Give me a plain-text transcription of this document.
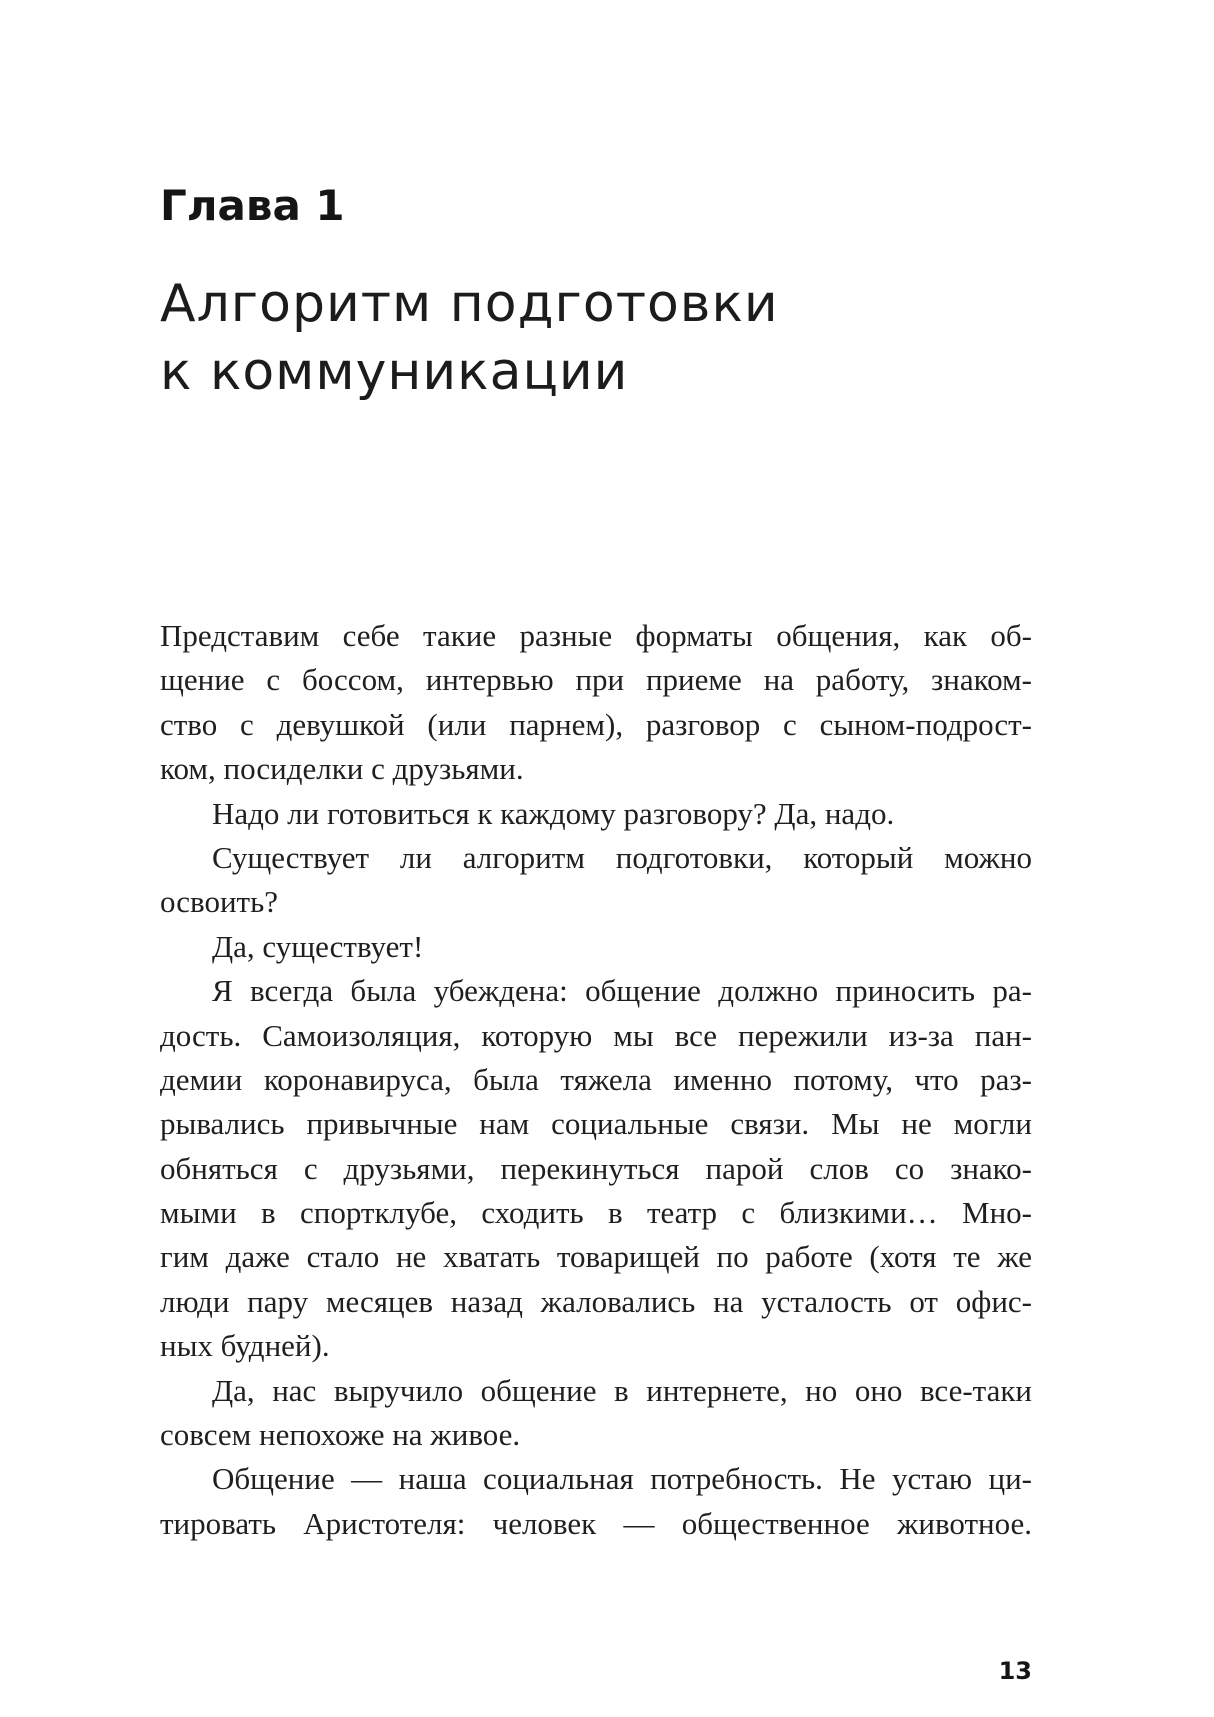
Глава 1
Алгоритм подготовки
к коммуникации
Представим себе такие разные форматы общения, как об-
щение с боссом, интервью при приеме на работу, знаком-
ство с девушкой (или парнем), разговор с сыном-подрост-
ком, посиделки с друзьями.
Надо ли готовиться к каждому разговору? Да, надо.
Существует ли алгоритм подготовки, который можно
освоить?
Да, существует!
Я всегда была убеждена: общение должно приносить ра-
дость. Самоизоляция, которую мы все пережили из-за пан-
демии коронавируса, была тяжела именно потому, что раз-
рывались привычные нам социальные связи. Мы не могли
обняться с друзьями, перекинуться парой слов со знако-
мыми в спортклубе, сходить в театр с близкими… Мно-
гим даже стало не хватать товарищей по работе (хотя те же
люди пару месяцев назад жаловались на усталость от офис-
ных будней).
Да, нас выручило общение в интернете, но оно все-таки
совсем непохоже на живое.
Общение — наша социальная потребность. Не устаю ци-
тировать Аристотеля: человек — общественное животное.

13
